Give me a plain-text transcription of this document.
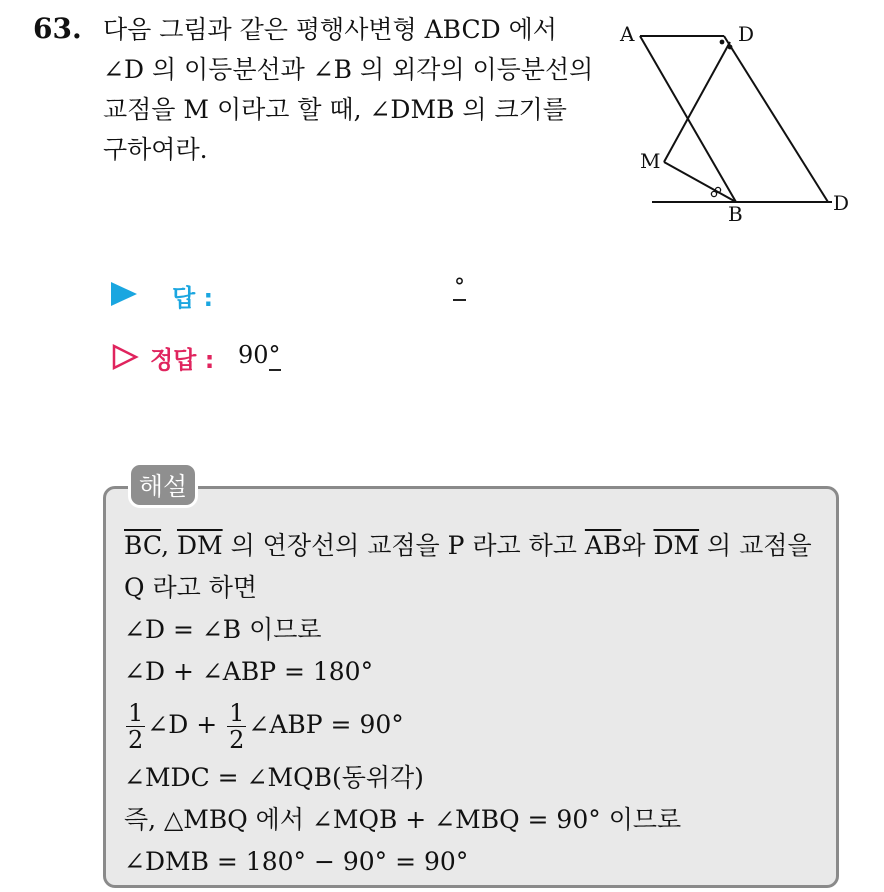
63. 다음 그림과 같은 평행사변형 ABCD 에서
∠D 의 이등분선과 ∠B 의 외각의 이등분선의
교점을 M 이라고 할 때, ∠DMB 의 크기를
구하여라.
A	D
M
B	D
답 :	°
정답 : 90°
해설
$\overline{BC}$, $\overline{DM}$ 의 연장선의 교점을 P 라고 하고 $\overline{AB}$와 $\overline{DM}$ 의 교점을
Q 라고 하면
∠D = ∠B 이므로
∠D + ∠ABP = 180°
$\frac{1}{2}$ ∠D + $\frac{1}{2}$ ∠ABP = 90°
∠MDC = ∠MQB(동위각)
즉, △MBQ 에서 ∠MQB + ∠MBQ = 90° 이므로
∠DMB = 180° − 90° = 90°
